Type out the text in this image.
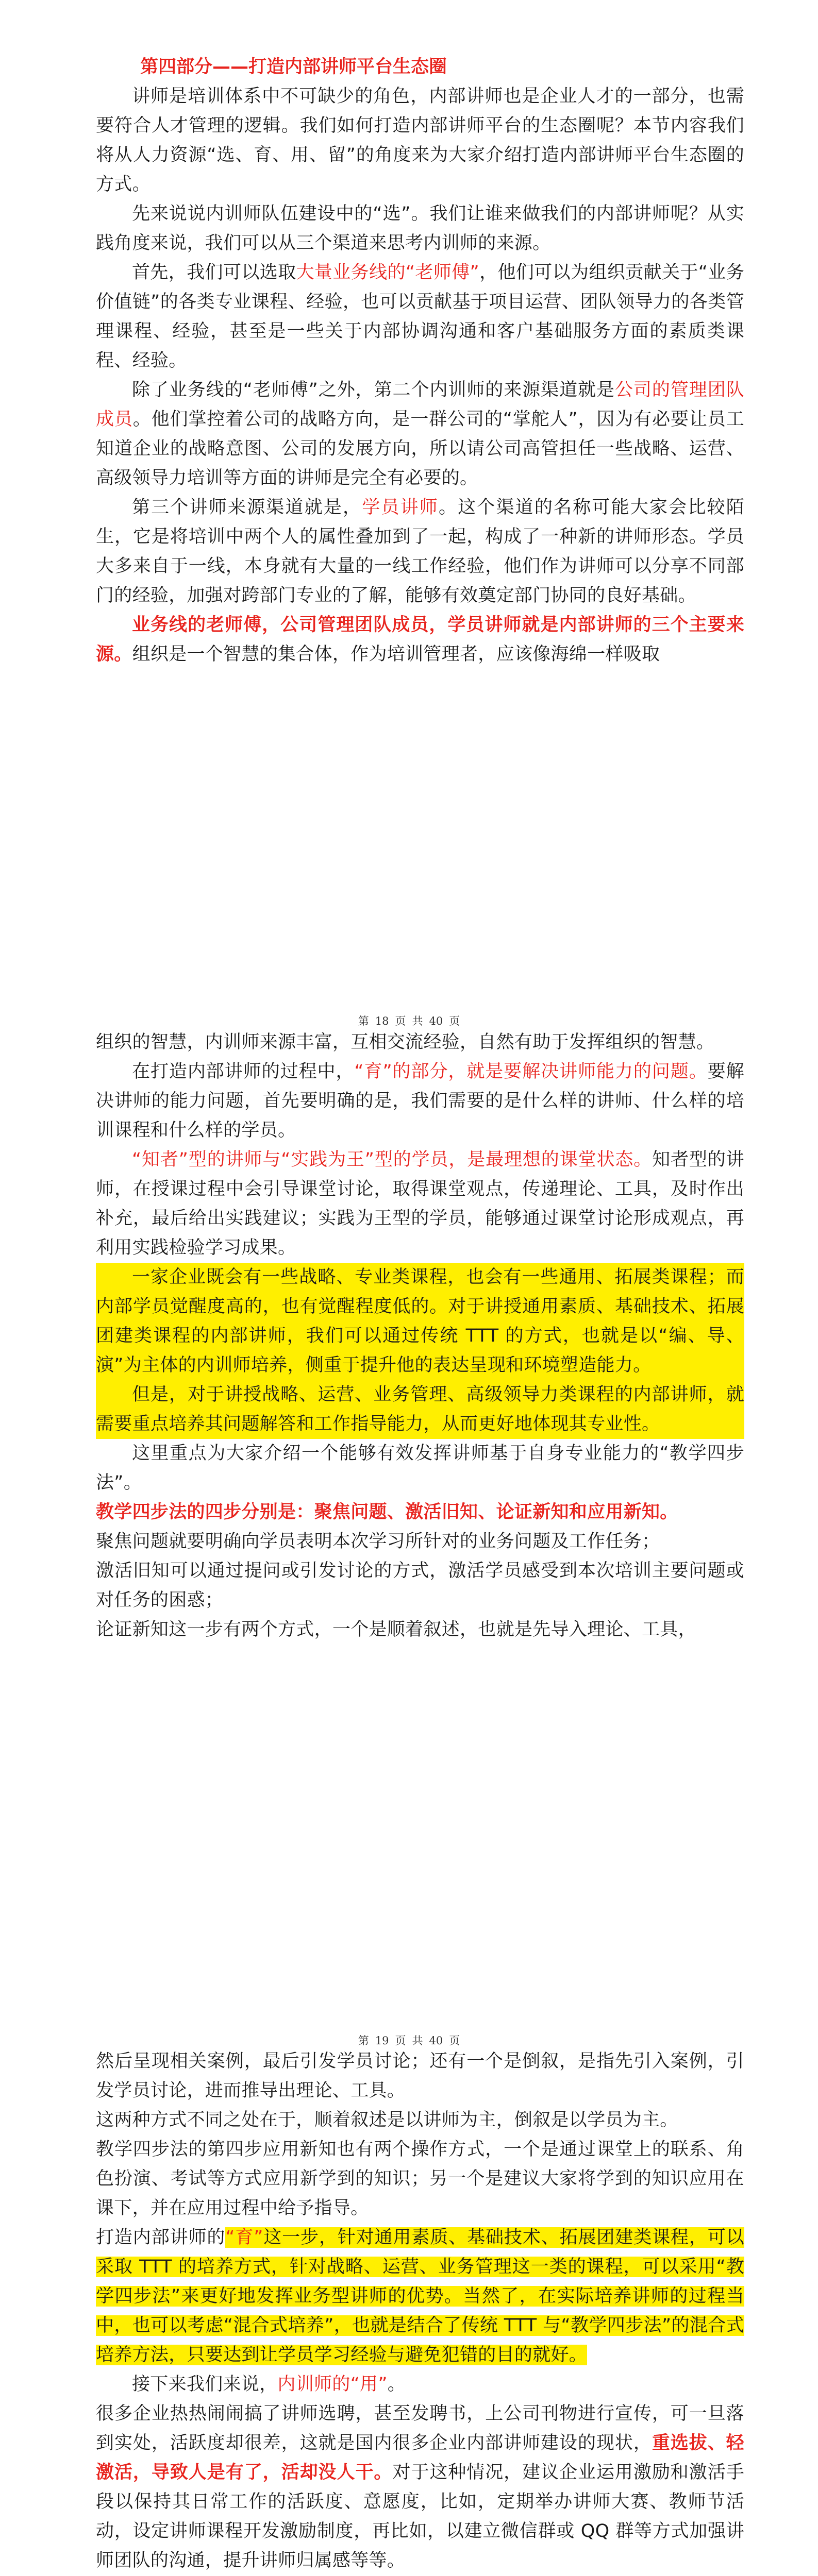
第四部分——打造内部讲师平台生态圈

讲师是培训体系中不可缺少的角色，内部讲师也是企业人才的一部分，也需要符合人才管理的逻辑。我们如何打造内部讲师平台的生态圈呢？本节内容我们将从人力资源“选、育、用、留”的角度来为大家介绍打造内部讲师平台生态圈的方式。

先来说说内训师队伍建设中的“选”。我们让谁来做我们的内部讲师呢？从实践角度来说，我们可以从三个渠道来思考内训师的来源。

首先，我们可以选取大量业务线的“老师傅”，他们可以为组织贡献关于“业务价值链”的各类专业课程、经验，也可以贡献基于项目运营、团队领导力的各类管理课程、经验，甚至是一些关于内部协调沟通和客户基础服务方面的素质类课程、经验。

除了业务线的“老师傅”之外，第二个内训师的来源渠道就是公司的管理团队成员。他们掌控着公司的战略方向，是一群公司的“掌舵人”，因为有必要让员工知道企业的战略意图、公司的发展方向，所以请公司高管担任一些战略、运营、高级领导力培训等方面的讲师是完全有必要的。

第三个讲师来源渠道就是，学员讲师。这个渠道的名称可能大家会比较陌生，它是将培训中两个人的属性叠加到了一起，构成了一种新的讲师形态。学员大多来自于一线，本身就有大量的一线工作经验，他们作为讲师可以分享不同部门的经验，加强对跨部门专业的了解，能够有效奠定部门协同的良好基础。

业务线的老师傅，公司管理团队成员，学员讲师就是内部讲师的三个主要来源。组织是一个智慧的集合体，作为培训管理者，应该像海绵一样吸取

第 18 页 共 40 页

组织的智慧，内训师来源丰富，互相交流经验，自然有助于发挥组织的智慧。

在打造内部讲师的过程中，“育”的部分，就是要解决讲师能力的问题。要解决讲师的能力问题，首先要明确的是，我们需要的是什么样的讲师、什么样的培训课程和什么样的学员。

“知者”型的讲师与“实践为王”型的学员，是最理想的课堂状态。知者型的讲师，在授课过程中会引导课堂讨论，取得课堂观点，传递理论、工具，及时作出补充，最后给出实践建议；实践为王型的学员，能够通过课堂讨论形成观点，再利用实践检验学习成果。

一家企业既会有一些战略、专业类课程，也会有一些通用、拓展类课程；而内部学员觉醒度高的，也有觉醒程度低的。对于讲授通用素质、基础技术、拓展团建类课程的内部讲师，我们可以通过传统 TTT 的方式，也就是以“编、导、演”为主体的内训师培养，侧重于提升他的表达呈现和环境塑造能力。

但是，对于讲授战略、运营、业务管理、高级领导力类课程的内部讲师，就需要重点培养其问题解答和工作指导能力，从而更好地体现其专业性。

这里重点为大家介绍一个能够有效发挥讲师基于自身专业能力的“教学四步法”。

教学四步法的四步分别是：聚焦问题、激活旧知、论证新知和应用新知。

聚焦问题就要明确向学员表明本次学习所针对的业务问题及工作任务；

激活旧知可以通过提问或引发讨论的方式，激活学员感受到本次培训主要问题或对任务的困惑；

论证新知这一步有两个方式，一个是顺着叙述，也就是先导入理论、工具，

第 19 页 共 40 页

然后呈现相关案例，最后引发学员讨论；还有一个是倒叙，是指先引入案例，引发学员讨论，进而推导出理论、工具。

这两种方式不同之处在于，顺着叙述是以讲师为主，倒叙是以学员为主。

教学四步法的第四步应用新知也有两个操作方式，一个是通过课堂上的联系、角色扮演、考试等方式应用新学到的知识；另一个是建议大家将学到的知识应用在课下，并在应用过程中给予指导。

打造内部讲师的“育”这一步，针对通用素质、基础技术、拓展团建类课程，可以采取 TTT 的培养方式，针对战略、运营、业务管理这一类的课程，可以采用“教学四步法”来更好地发挥业务型讲师的优势。当然了，在实际培养讲师的过程当中，也可以考虑“混合式培养”，也就是结合了传统 TTT 与“教学四步法”的混合式培养方法，只要达到让学员学习经验与避免犯错的目的就好。

接下来我们来说，内训师的“用”。

很多企业热热闹闹搞了讲师选聘，甚至发聘书，上公司刊物进行宣传，可一旦落到实处，活跃度却很差，这就是国内很多企业内部讲师建设的现状，重选拔、轻激活，导致人是有了，活却没人干。对于这种情况，建议企业运用激励和激活手段以保持其日常工作的活跃度、意愿度，比如，定期举办讲师大赛、教师节活动，设定讲师课程开发激励制度，再比如，以建立微信群或 QQ 群等方式加强讲师团队的沟通，提升讲师归属感等等。
